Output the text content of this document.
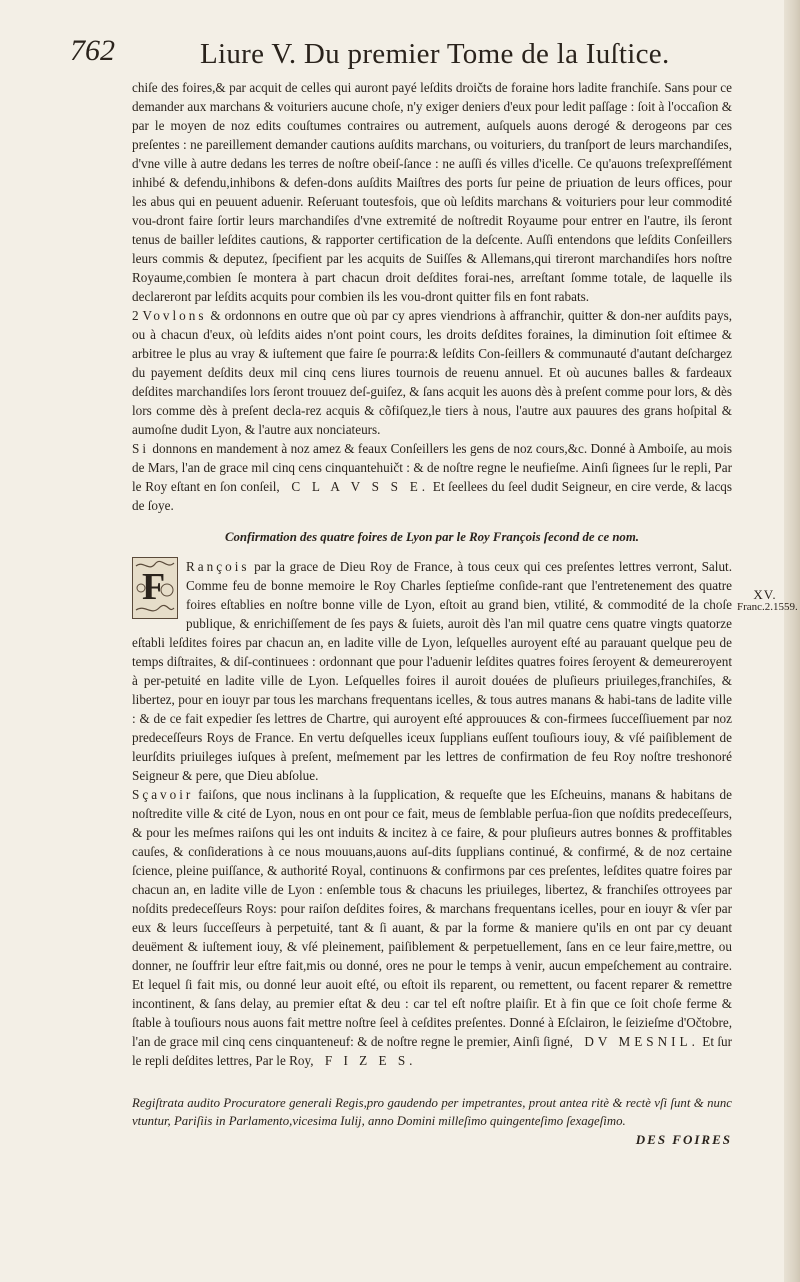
762	Liure V. Du premier Tome de la Iuſtice.
XV.
Franc.2.1559.

chiſe des foires,& par acquit de celles qui auront payé leſdits droičts de foraine hors ladite franchiſe. Sans pour ce demander aux marchans & voituriers aucune choſe, n'y exiger deniers d'eux pour ledit paſſage : ſoit à l'occaſion & par le moyen de noz edits couſtumes contraires ou autrement, auſquels auons derogé & derogeons par ces preſentes : ne pareillement demander cautions auſdits marchans, ou voituriers, du tranſport de leurs marchandiſes, d'vne ville à autre dedans les terres de noſtre obeiſ-ſance : ne auſſi és villes d'icelle. Ce qu'auons treſexpreſſément inhibé & defendu,inhibons & defen-dons auſdits Maiſtres des ports ſur peine de priuation de leurs offices, pour les abus qui en peuuent aduenir. Reſeruant toutesfois, que où leſdits marchans & voituriers pour leur commodité vou-dront faire ſortir leurs marchandiſes d'vne extremité de noſtredit Royaume pour entrer en l'autre, ils ſeront tenus de bailler leſdites cautions, & rapporter certification de la deſcente. Auſſi entendons que leſdits Conſeillers leurs commis & deputez, ſpecifient par les acquits de Suiſſes & Allemans,qui tireront marchandiſes hors noſtre Royaume,combien ſe montera à part chacun droit deſdites forai-nes, arreſtant ſomme totale, de laquelle ils declareront par leſdits acquits pour combien ils les vou-dront quitter fils en font rabats.

2 Vovlons & ordonnons en outre que où par cy apres viendrions à affranchir, quitter & don-ner auſdits pays, ou à chacun d'eux, où leſdits aides n'ont point cours, les droits deſdites foraines, la diminution ſoit eſtimee & arbitree le plus au vray & iuſtement que faire ſe pourra:& leſdits Con-ſeillers & communauté d'autant deſchargez du payement deſdits deux mil cinq cens liures tournois de reuenu annuel. Et où aucunes balles & fardeaux deſdites marchandiſes lors ſeront trouuez deſ-guiſez, & ſans acquit les auons dès à preſent comme pour lors, & dès lors comme dès à preſent decla-rez acquis & cõfiſquez,le tiers à nous, l'autre aux pauures des grans hoſpital & aumoſne dudit Lyon, & l'autre aux nonciateurs.

Si donnons en mandement à noz amez & feaux Conſeillers les gens de noz cours,&c. Donné à Amboiſe, au mois de Mars, l'an de grace mil cinq cens cinquantehuičt : & de noſtre regne le neufieſme. Ainſi ſignees ſur le repli, Par le Roy eſtant en ſon conſeil, C L A V S S E. Et ſeellees du ſeel dudit Seigneur, en cire verde, & lacqs de ſoye.

Confirmation des quatre foires de Lyon par le Roy François ſecond de ce nom.

F Rançois par la grace de Dieu Roy de France, à tous ceux qui ces preſentes lettres verront, Salut. Comme feu de bonne memoire le Roy Charles ſeptieſme conſide-rant que l'entretenement des quatre foires eſtablies en noſtre bonne ville de Lyon, eſtoit au grand bien, vtilité, & commodité de la choſe publique, & enrichiſſement de ſes pays & ſuiets, auroit dès l'an mil quatre cens quatre vingts quatorze eſtabli leſdites foires par chacun an, en ladite ville de Lyon, leſquelles auroyent eſté au parauant quelque peu de temps diſtraites, & diſ-continuees : ordonnant que pour l'aduenir leſdites quatres foires ſeroyent & demeureroyent à per-petuité en ladite ville de Lyon. Leſquelles foires il auroit douées de pluſieurs priuileges,franchiſes, & libertez, pour en iouyr par tous les marchans frequentans icelles, & tous autres manans & habi-tans de ladite ville : & de ce fait expedier ſes lettres de Chartre, qui auroyent eſté approuuces & con-firmees ſucceſſiuement par noz predeceſſeurs Roys de France. En vertu deſquelles iceux ſupplians euſſent touſiours iouy, & vſé paiſiblement de leurſdits priuileges iuſques à preſent, meſmement par les lettres de confirmation de feu Roy noſtre treshonoré Seigneur & pere, que Dieu abſolue.

Sçavoir faiſons, que nous inclinans à la ſupplication, & requeſte que les Eſcheuins, manans & habitans de noſtredite ville & cité de Lyon, nous en ont pour ce fait, meus de ſemblable perſua-ſion que noſdits predeceſſeurs, & pour les meſmes raiſons qui les ont induits & incitez à ce faire, & pour pluſieurs autres bonnes & proffitables cauſes, & conſiderations à ce nous mouuans,auons auſ-dits ſupplians continué, & confirmé, & de noz certaine ſcience, pleine puiſſance, & authorité Royal, continuons & confirmons par ces preſentes, leſdites quatre foires par chacun an, en ladite ville de Lyon : enſemble tous & chacuns les priuileges, libertez, & franchiſes ottroyees par noſdits predeceſſeurs Roys: pour raiſon deſdites foires, & marchans frequentans icelles, pour en iouyr & vſer par eux & leurs ſucceſſeurs à perpetuité, tant & ſi auant, & par la forme & maniere qu'ils en ont par cy deuant deuëment & iuſtement iouy, & vſé pleinement, paiſiblement & perpetuellement, ſans en ce leur faire,mettre, ou donner, ne ſouffrir leur eſtre fait,mis ou donné, ores ne pour le temps à venir, aucun empeſchement au contraire. Et lequel ſi fait mis, ou donné leur auoit eſté, ou eſtoit ils reparent, ou remettent, ou facent reparer & remettre incontinent, & ſans delay, au premier eſtat & deu : car tel eſt noſtre plaiſir. Et à fin que ce ſoit choſe ferme & ſtable à touſiours nous auons fait mettre noſtre ſeel à ceſdites preſentes. Donné à Eſclairon, le ſeizieſme d'Očtobre, l'an de grace mil cinq cens cinquanteneuf: & de noſtre regne le premier, Ainſi ſigné, DV MESNIL. Et ſur le repli deſdites lettres, Par le Roy, F I Z E S.

Regiſtrata audito Procuratore generali Regis,pro gaudendo per impetrantes, prout antea ritè & rectè vſi ſunt & nunc vtuntur, Pariſiis in Parlamento,vicesima Iulij, anno Domini milleſimo quingenteſimo ſexageſimo.

DES FOIRES
